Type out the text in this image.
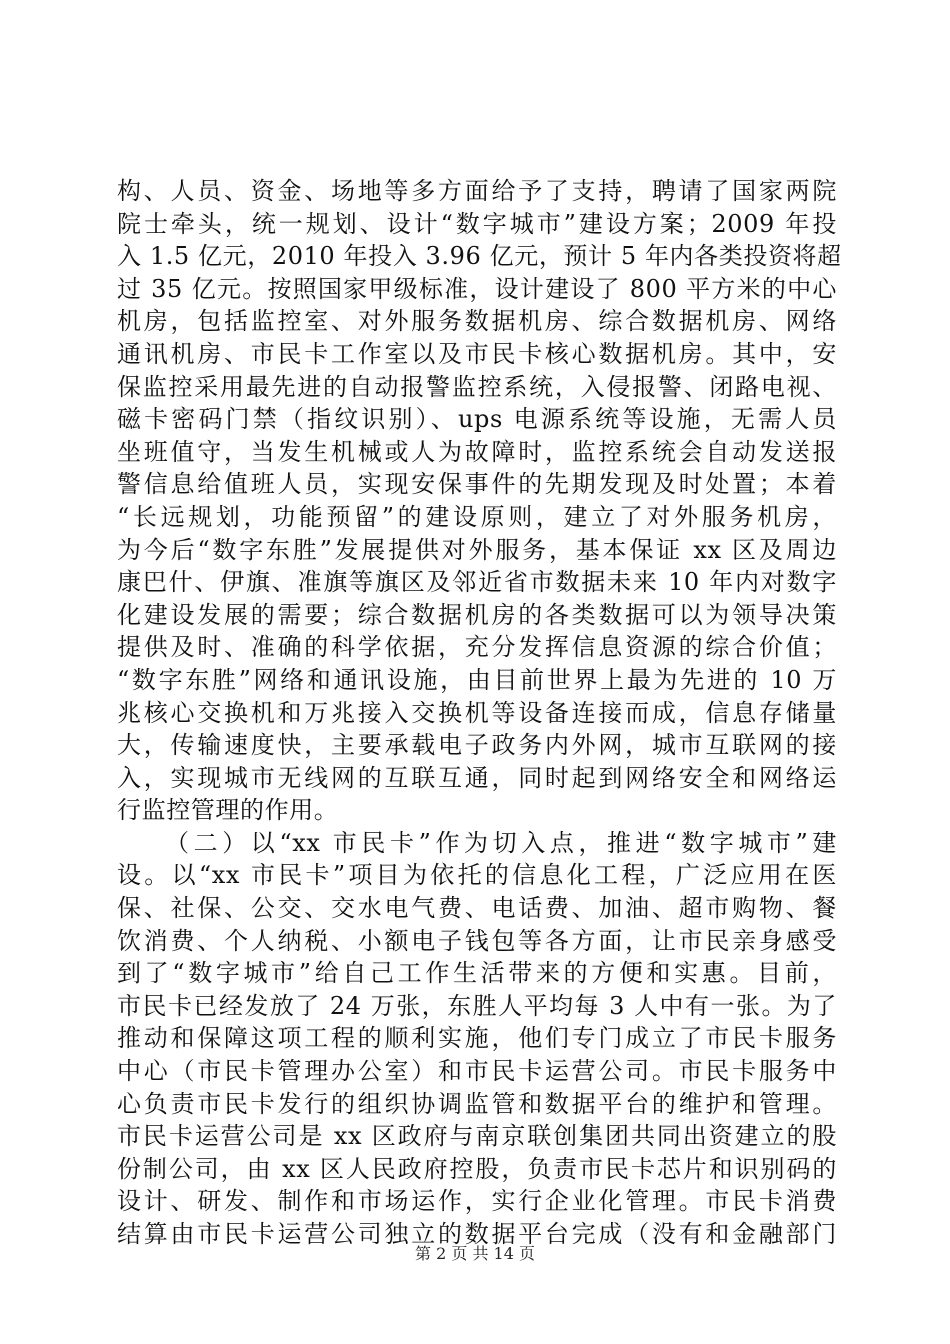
构、人员、资金、场地等多方面给予了支持，聘请了国家两院
院士牵头，统一规划、设计“数字城市”建设方案；2009 年投
入 1.5 亿元，2010 年投入 3.96 亿元，预计 5 年内各类投资将超
过 35 亿元。按照国家甲级标准，设计建设了 800 平方米的中心
机房，包括监控室、对外服务数据机房、综合数据机房、网络
通讯机房、市民卡工作室以及市民卡核心数据机房。其中，安
保监控采用最先进的自动报警监控系统，入侵报警、闭路电视、
磁卡密码门禁（指纹识别）、ups 电源系统等设施，无需人员
坐班值守，当发生机械或人为故障时，监控系统会自动发送报
警信息给值班人员，实现安保事件的先期发现及时处置；本着
“长远规划，功能预留”的建设原则，建立了对外服务机房，
为今后“数字东胜”发展提供对外服务，基本保证 xx 区及周边
康巴什、伊旗、准旗等旗区及邻近省市数据未来 10 年内对数字
化建设发展的需要；综合数据机房的各类数据可以为领导决策
提供及时、准确的科学依据，充分发挥信息资源的综合价值；
“数字东胜”网络和通讯设施，由目前世界上最为先进的 10 万
兆核心交换机和万兆接入交换机等设备连接而成，信息存储量
大，传输速度快，主要承载电子政务内外网，城市互联网的接
入，实现城市无线网的互联互通，同时起到网络安全和网络运
行监控管理的作用。
（二）以“xx 市民卡”作为切入点，推进“数字城市”建
设。以“xx 市民卡”项目为依托的信息化工程，广泛应用在医
保、社保、公交、交水电气费、电话费、加油、超市购物、餐
饮消费、个人纳税、小额电子钱包等各方面，让市民亲身感受
到了“数字城市”给自己工作生活带来的方便和实惠。目前，
市民卡已经发放了 24 万张，东胜人平均每 3 人中有一张。为了
推动和保障这项工程的顺利实施，他们专门成立了市民卡服务
中心（市民卡管理办公室）和市民卡运营公司。市民卡服务中
心负责市民卡发行的组织协调监管和数据平台的维护和管理。
市民卡运营公司是 xx 区政府与南京联创集团共同出资建立的股
份制公司，由 xx 区人民政府控股，负责市民卡芯片和识别码的
设计、研发、制作和市场运作，实行企业化管理。市民卡消费
结算由市民卡运营公司独立的数据平台完成（没有和金融部门
第 2 页 共 14 页
